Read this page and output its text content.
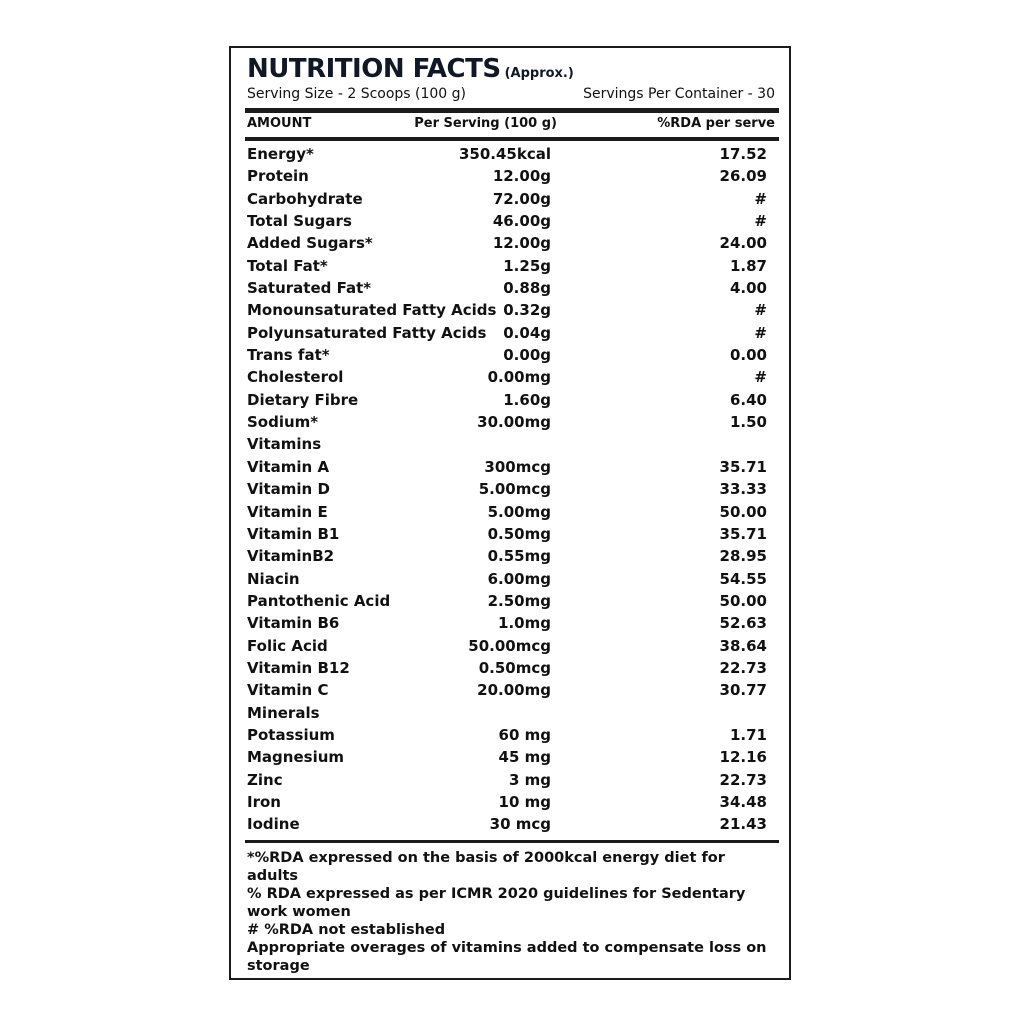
NUTRITION FACTS (Approx.)
Serving Size - 2 Scoops (100 g)	Servings Per Container - 30
AMOUNT	Per Serving (100 g)	%RDA per serve
Energy*	350.45kcal	17.52
Protein	12.00g	26.09
Carbohydrate	72.00g	#
Total Sugars	46.00g	#
Added Sugars*	12.00g	24.00
Total Fat*	1.25g	1.87
Saturated Fat*	0.88g	4.00
Monounsaturated Fatty Acids 0.32g	#
Polyunsaturated Fatty Acids 0.04g	#
Trans fat*	0.00g	0.00
Cholesterol	0.00mg	#
Dietary Fibre	1.60g	6.40
Sodium*	30.00mg	1.50
Vitamins
Vitamin A	300mcg	35.71
Vitamin D	5.00mcg	33.33
Vitamin E	5.00mg	50.00
Vitamin B1	0.50mg	35.71
VitaminB2	0.55mg	28.95
Niacin	6.00mg	54.55
Pantothenic Acid	2.50mg	50.00
Vitamin B6	1.0mg	52.63
Folic Acid	50.00mcg	38.64
Vitamin B12	0.50mcg	22.73
Vitamin C	20.00mg	30.77
Minerals
Potassium	60 mg	1.71
Magnesium	45 mg	12.16
Zinc	3 mg	22.73
Iron	10 mg	34.48
Iodine	30 mcg	21.43
*%RDA expressed on the basis of 2000kcal energy diet for adults
% RDA expressed as per ICMR 2020 guidelines for Sedentary work women
# %RDA not established
Appropriate overages of vitamins added to compensate loss on storage
